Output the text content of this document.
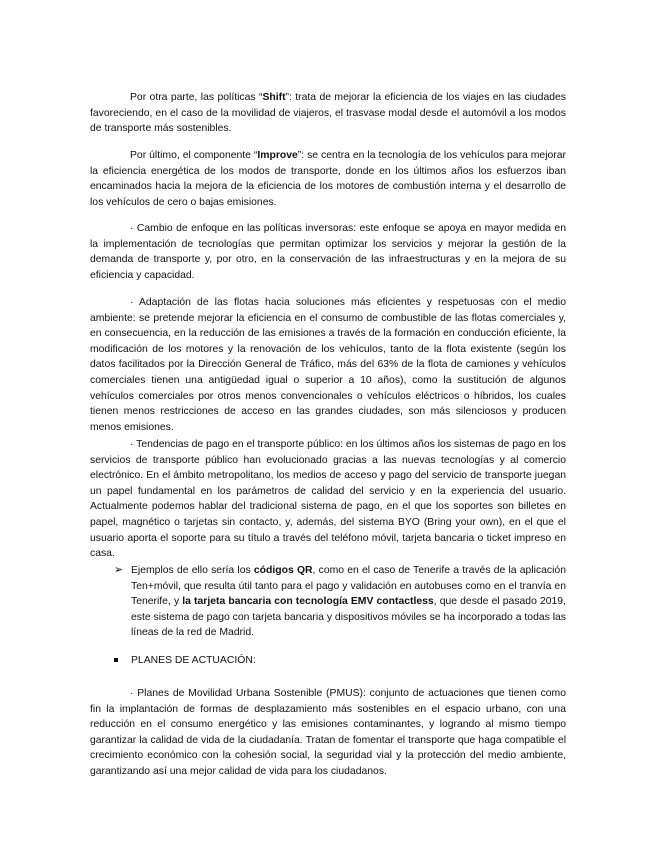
Por otra parte, las políticas “Shift”: trata de mejorar la eficiencia de los viajes en las ciudades favoreciendo, en el caso de la movilidad de viajeros, el trasvase modal desde el automóvil a los modos de transporte más sostenibles.

Por último, el componente “Improve”: se centra en la tecnología de los vehículos para mejorar la eficiencia energética de los modos de transporte, donde en los últimos años los esfuerzos iban encaminados hacia la mejora de la eficiencia de los motores de combustión interna y el desarrollo de los vehículos de cero o bajas emisiones.

· Cambio de enfoque en las políticas inversoras: este enfoque se apoya en mayor medida en la implementación de tecnologías que permitan optimizar los servicios y mejorar la gestión de la demanda de transporte y, por otro, en la conservación de las infraestructuras y en la mejora de su eficiencia y capacidad.

· Adaptación de las flotas hacia soluciones más eficientes y respetuosas con el medio ambiente: se pretende mejorar la eficiencia en el consumo de combustible de las flotas comerciales y, en consecuencia, en la reducción de las emisiones a través de la formación en conducción eficiente, la modificación de los motores y la renovación de los vehículos, tanto de la flota existente (según los datos facilitados por la Dirección General de Tráfico, más del 63% de la flota de camiones y vehículos comerciales tienen una antigüedad igual o superior a 10 años), como la sustitución de algunos vehículos comerciales por otros menos convencionales o vehículos eléctricos o híbridos, los cuales tienen menos restricciones de acceso en las grandes ciudades, son más silenciosos y producen menos emisiones.

· Tendencias de pago en el transporte público: en los últimos años los sistemas de pago en los servicios de transporte público han evolucionado gracias a las nuevas tecnologías y al comercio electrónico. En el ámbito metropolitano, los medios de acceso y pago del servicio de transporte juegan un papel fundamental en los parámetros de calidad del servicio y en la experiencia del usuario. Actualmente podemos hablar del tradicional sistema de pago, en el que los soportes son billetes en papel, magnético o tarjetas sin contacto, y, además, del sistema BYO (Bring your own), en el que el usuario aporta el soporte para su título a través del teléfono móvil, tarjeta bancaria o ticket impreso en casa.

➢ Ejemplos de ello sería los códigos QR, como en el caso de Tenerife a través de la aplicación Ten+móvil, que resulta útil tanto para el pago y validación en autobuses como en el tranvía en Tenerife, y la tarjeta bancaria con tecnología EMV contactless, que desde el pasado 2019, este sistema de pago con tarjeta bancaria y dispositivos móviles se ha incorporado a todas las líneas de la red de Madrid.

PLANES DE ACTUACIÓN:

· Planes de Movilidad Urbana Sostenible (PMUS): conjunto de actuaciones que tienen como fin la implantación de formas de desplazamiento más sostenibles en el espacio urbano, con una reducción en el consumo energético y las emisiones contaminantes, y logrando al mismo tiempo garantizar la calidad de vida de la ciudadanía. Tratan de fomentar el transporte que haga compatible el crecimiento económico con la cohesión social, la seguridad vial y la protección del medio ambiente, garantizando así una mejor calidad de vida para los ciudadanos.
